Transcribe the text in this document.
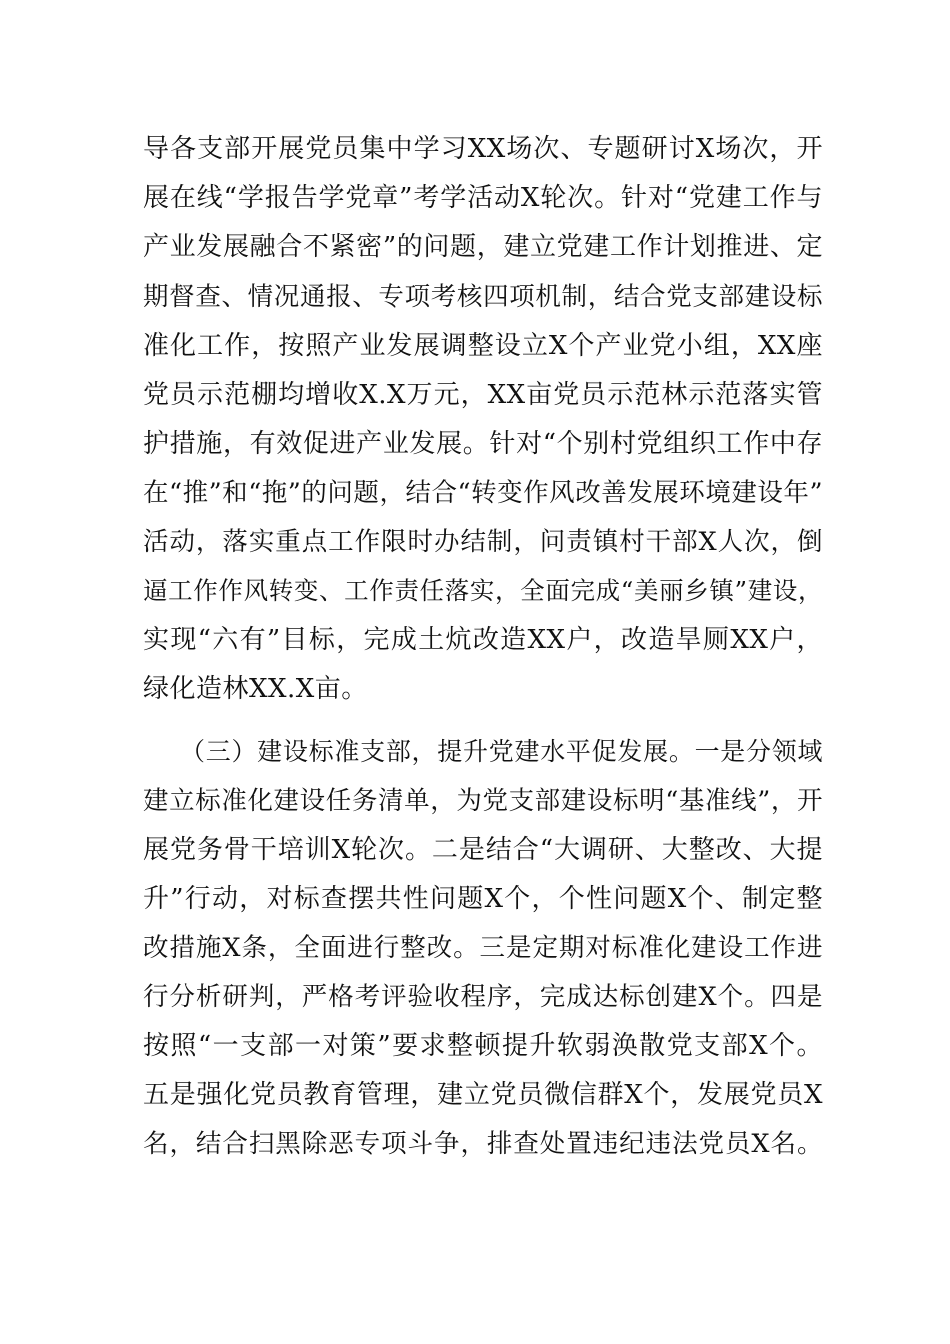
导各支部开展党员集中学习XX场次、专题研讨X场次，开
展在线“学报告学党章”考学活动X轮次。针对“党建工作与
产业发展融合不紧密”的问题，建立党建工作计划推进、定
期督查、情况通报、专项考核四项机制，结合党支部建设标
准化工作，按照产业发展调整设立X个产业党小组，XX座
党员示范棚均增收X.X万元，XX亩党员示范林示范落实管
护措施，有效促进产业发展。针对“个别村党组织工作中存
在“推”和“拖”的问题，结合“转变作风改善发展环境建设年”
活动，落实重点工作限时办结制，问责镇村干部X人次，倒
逼工作作风转变、工作责任落实，全面完成“美丽乡镇”建设，
实现“六有”目标，完成土炕改造XX户，改造旱厕XX户，
绿化造林XX.X亩。
（三）建设标准支部，提升党建水平促发展。一是分领域
建立标准化建设任务清单，为党支部建设标明“基准线”，开
展党务骨干培训X轮次。二是结合“大调研、大整改、大提
升”行动，对标查摆共性问题X个，个性问题X个、制定整
改措施X条，全面进行整改。三是定期对标准化建设工作进
行分析研判，严格考评验收程序，完成达标创建X个。四是
按照“一支部一对策”要求整顿提升软弱涣散党支部X个。
五是强化党员教育管理，建立党员微信群X个，发展党员X
名，结合扫黑除恶专项斗争，排查处置违纪违法党员X名。
